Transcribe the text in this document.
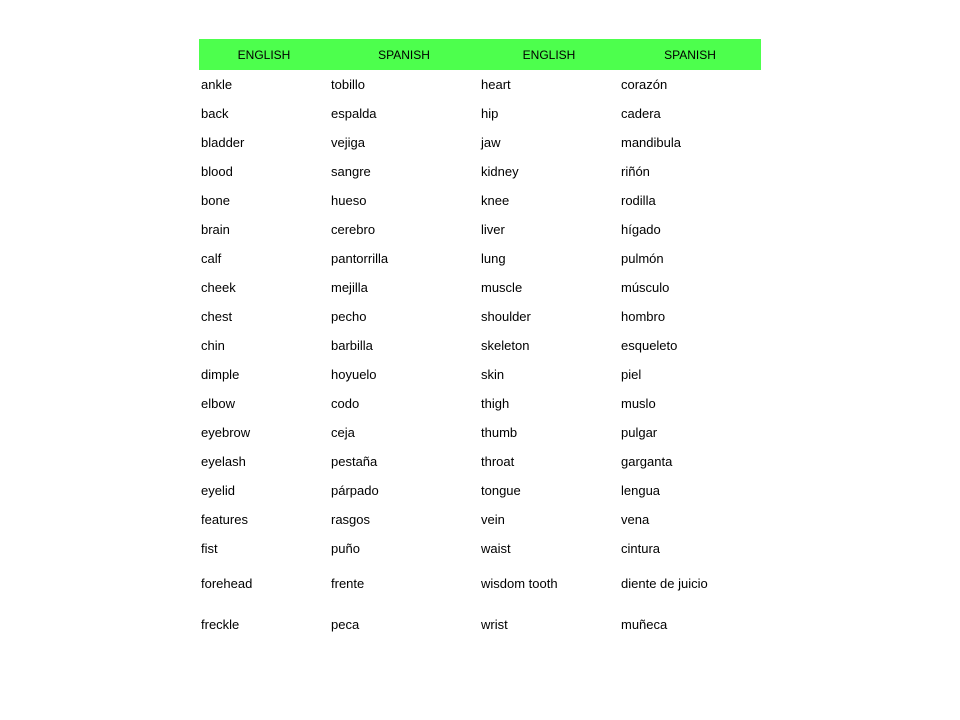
ENGLISH	SPANISH	ENGLISH	SPANISH
ankle	tobillo	heart	corazón
back	espalda	hip	cadera
bladder	vejiga	jaw	mandibula
blood	sangre	kidney	riñón
bone	hueso	knee	rodilla
brain	cerebro	liver	hígado
calf	pantorrilla	lung	pulmón
cheek	mejilla	muscle	músculo
chest	pecho	shoulder	hombro
chin	barbilla	skeleton	esqueleto
dimple	hoyuelo	skin	piel
elbow	codo	thigh	muslo
eyebrow	ceja	thumb	pulgar
eyelash	pestaña	throat	garganta
eyelid	párpado	tongue	lengua
features	rasgos	vein	vena
fist	puño	waist	cintura
forehead	frente	wisdom tooth	diente de juicio
freckle	peca	wrist	muñeca
